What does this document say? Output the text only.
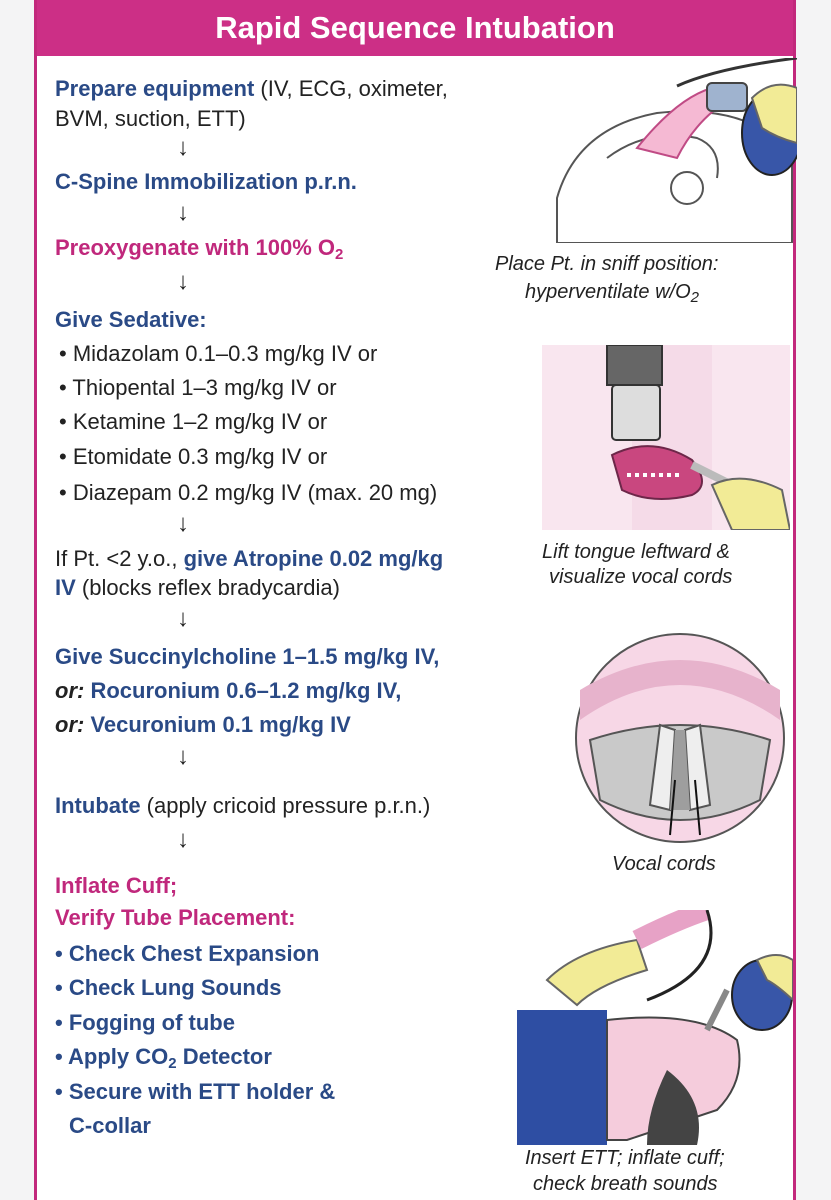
Rapid Sequence Intubation
Prepare equipment (IV, ECG, oximeter,
BVM, suction, ETT)
↓
C-Spine Immobilization p.r.n.
↓
Preoxygenate with 100% $O_2$
↓
Give Sedative:
• Midazolam 0.1–0.3 mg/kg IV or
• Thiopental 1–3 mg/kg IV or
• Ketamine 1–2 mg/kg IV or
• Etomidate 0.3 mg/kg IV or
• Diazepam 0.2 mg/kg IV (max. 20 mg)
↓
If Pt. <2 y.o., give Atropine 0.02 mg/kg
IV (blocks reflex bradycardia)
↓
Give Succinylcholine 1–1.5 mg/kg IV,
or: Rocuronium 0.6–1.2 mg/kg IV,
or: Vecuronium 0.1 mg/kg IV
↓
Intubate (apply cricoid pressure p.r.n.)
↓
Inflate Cuff;
Verify Tube Placement:
• Check Chest Expansion
• Check Lung Sounds
• Fogging of tube
• Apply $CO_2$ Detector
• Secure with ETT holder &
C-collar
Place Pt. in sniff position:
hyperventilate $w/O_2$
Lift tongue leftward &
visualize vocal cords
Vocal cords
Insert ETT; inflate cuff;
check breath sounds
